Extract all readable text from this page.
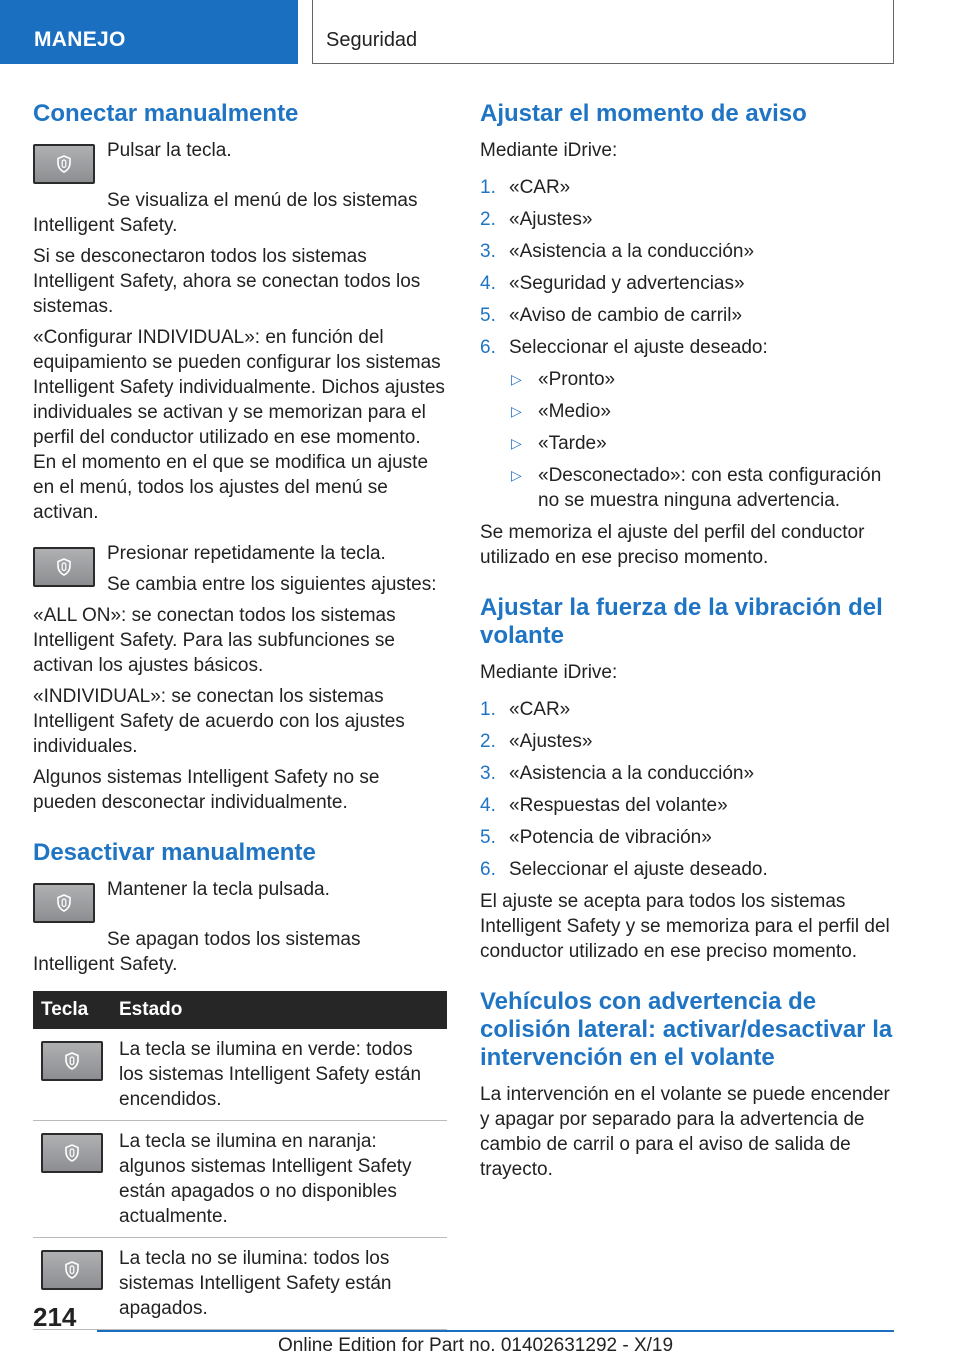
MANEJO	Seguridad
Conectar manualmente

Pulsar la tecla.

Se visualiza el menú de los sistemas Intelligent Safety.

Si se desconectaron todos los sistemas Intelligent Safety, ahora se conectan todos los sistemas.

«Configurar INDIVIDUAL»: en función del equipamiento se pueden configurar los sistemas Intelligent Safety individualmente. Dichos ajustes individuales se activan y se memorizan para el perfil del conductor utilizado en ese momento. En el momento en el que se modifica un ajuste en el menú, todos los ajustes del menú se activan.

Presionar repetidamente la tecla.

Se cambia entre los siguientes ajustes:

«ALL ON»: se conectan todos los sistemas Intelligent Safety. Para las subfunciones se activan los ajustes básicos.

«INDIVIDUAL»: se conectan los sistemas Intelligent Safety de acuerdo con los ajustes individuales.

Algunos sistemas Intelligent Safety no se pueden desconectar individualmente.

Desactivar manualmente

Mantener la tecla pulsada.

Se apagan todos los sistemas Intelligent Safety.

Tecla	Estado

	La tecla se ilumina en verde: todos los sistemas Intelligent Safety están encendidos.

	La tecla se ilumina en naranja: algunos sistemas Intelligent Safety están apagados o no disponibles actualmente.

	La tecla no se ilumina: todos los sistemas Intelligent Safety están apagados.
Ajustar el momento de aviso

Mediante iDrive:

1. «CAR»
2. «Ajustes»
3. «Asistencia a la conducción»
4. «Seguridad y advertencias»
5. «Aviso de cambio de carril»
6. Seleccionar el ajuste deseado:
▷ «Pronto»
▷ «Medio»
▷ «Tarde»
▷ «Desconectado»: con esta configuración no se muestra ninguna advertencia.

Se memoriza el ajuste del perfil del conductor utilizado en ese preciso momento.

Ajustar la fuerza de la vibración del volante

Mediante iDrive:

1. «CAR»
2. «Ajustes»
3. «Asistencia a la conducción»
4. «Respuestas del volante»
5. «Potencia de vibración»
6. Seleccionar el ajuste deseado.

El ajuste se acepta para todos los sistemas Intelligent Safety y se memoriza para el perfil del conductor utilizado en ese preciso momento.

Vehículos con advertencia de colisión lateral: activar/desactivar la intervención en el volante

La intervención en el volante se puede encender y apagar por separado para la advertencia de cambio de carril o para el aviso de salida de trayecto.

214
Online Edition for Part no. 01402631292 - X/19
